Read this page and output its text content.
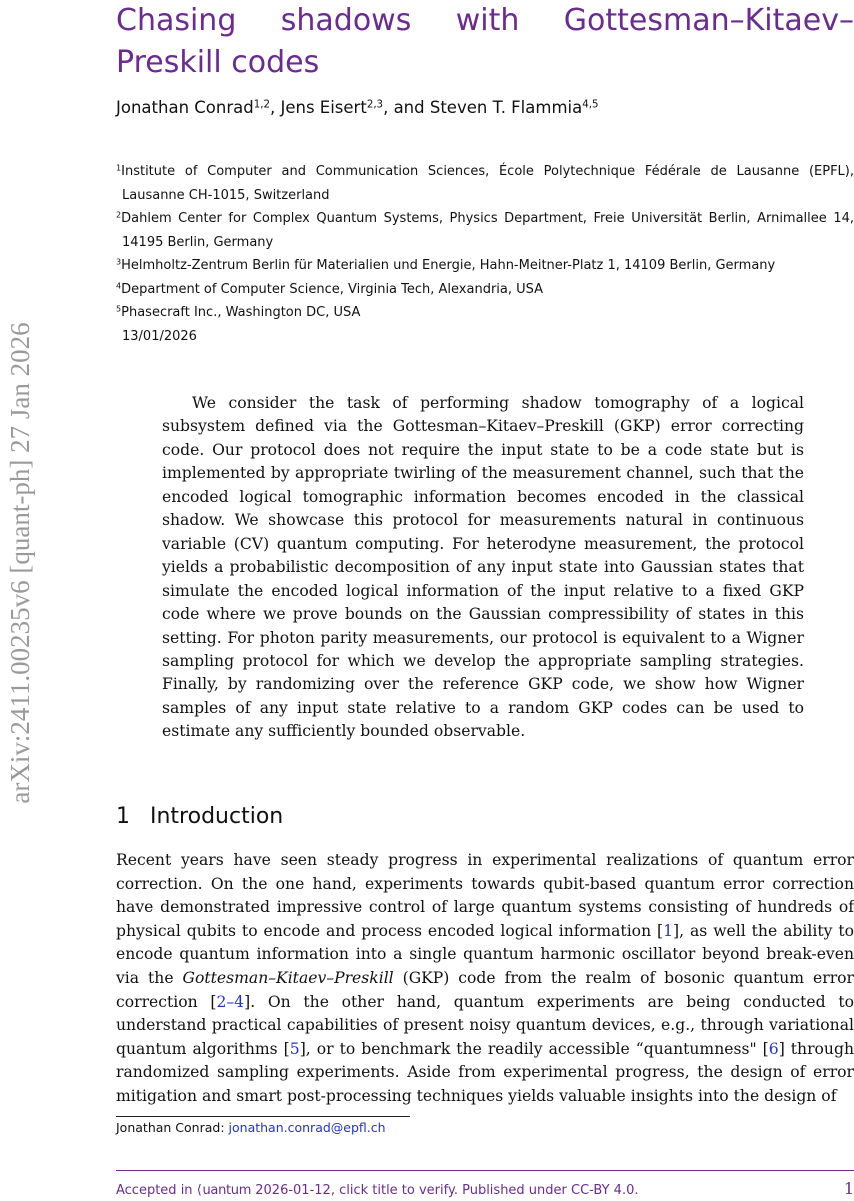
arXiv:2411.00235v6 [quant-ph] 27 Jan 2026
Chasing shadows with Gottesman–Kitaev–Preskill codes
Jonathan Conrad$^{1,2}$, Jens Eisert$^{2,3}$, and Steven T. Flammia$^{4,5}$
$^1$Institute of Computer and Communication Sciences, École Polytechnique Fédérale de Lausanne (EPFL), Lausanne CH-1015, Switzerland
$^2$Dahlem Center for Complex Quantum Systems, Physics Department, Freie Universität Berlin, Arnimallee 14, 14195 Berlin, Germany
$^3$Helmholtz-Zentrum Berlin für Materialien und Energie, Hahn-Meitner-Platz 1, 14109 Berlin, Germany
$^4$Department of Computer Science, Virginia Tech, Alexandria, USA
$^5$Phasecraft Inc., Washington DC, USA
13/01/2026

We consider the task of performing shadow tomography of a logical subsystem defined via the Gottesman–Kitaev–Preskill (GKP) error correcting code. Our protocol does not require the input state to be a code state but is implemented by appropriate twirling of the measurement channel, such that the encoded logical tomographic information becomes encoded in the classical shadow. We showcase this protocol for measurements natural in continuous variable (CV) quantum computing. For heterodyne measurement, the protocol yields a probabilistic decomposition of any input state into Gaussian states that simulate the encoded logical information of the input relative to a fixed GKP code where we prove bounds on the Gaussian compressibility of states in this setting. For photon parity measurements, our protocol is equivalent to a Wigner sampling protocol for which we develop the appropriate sampling strategies. Finally, by randomizing over the reference GKP code, we show how Wigner samples of any input state relative to a random GKP codes can be used to estimate any sufficiently bounded observable.

1 Introduction

Recent years have seen steady progress in experimental realizations of quantum error correction. On the one hand, experiments towards qubit-based quantum error correction have demonstrated impressive control of large quantum systems consisting of hundreds of physical qubits to encode and process encoded logical information [1], as well the ability to encode quantum information into a single quantum harmonic oscillator beyond break-even via the Gottesman–Kitaev–Preskill (GKP) code from the realm of bosonic quantum error correction [2–4]. On the other hand, quantum experiments are being conducted to understand practical capabilities of present noisy quantum devices, e.g., through variational quantum algorithms [5], or to benchmark the readily accessible “quantumness" [6] through randomized sampling experiments. Aside from experimental progress, the design of error mitigation and smart post-processing techniques yields valuable insights into the design of

Jonathan Conrad: jonathan.conrad@epfl.ch
Accepted in ⟨uantum 2026-01-12, click title to verify. Published under CC-BY 4.0.	1
